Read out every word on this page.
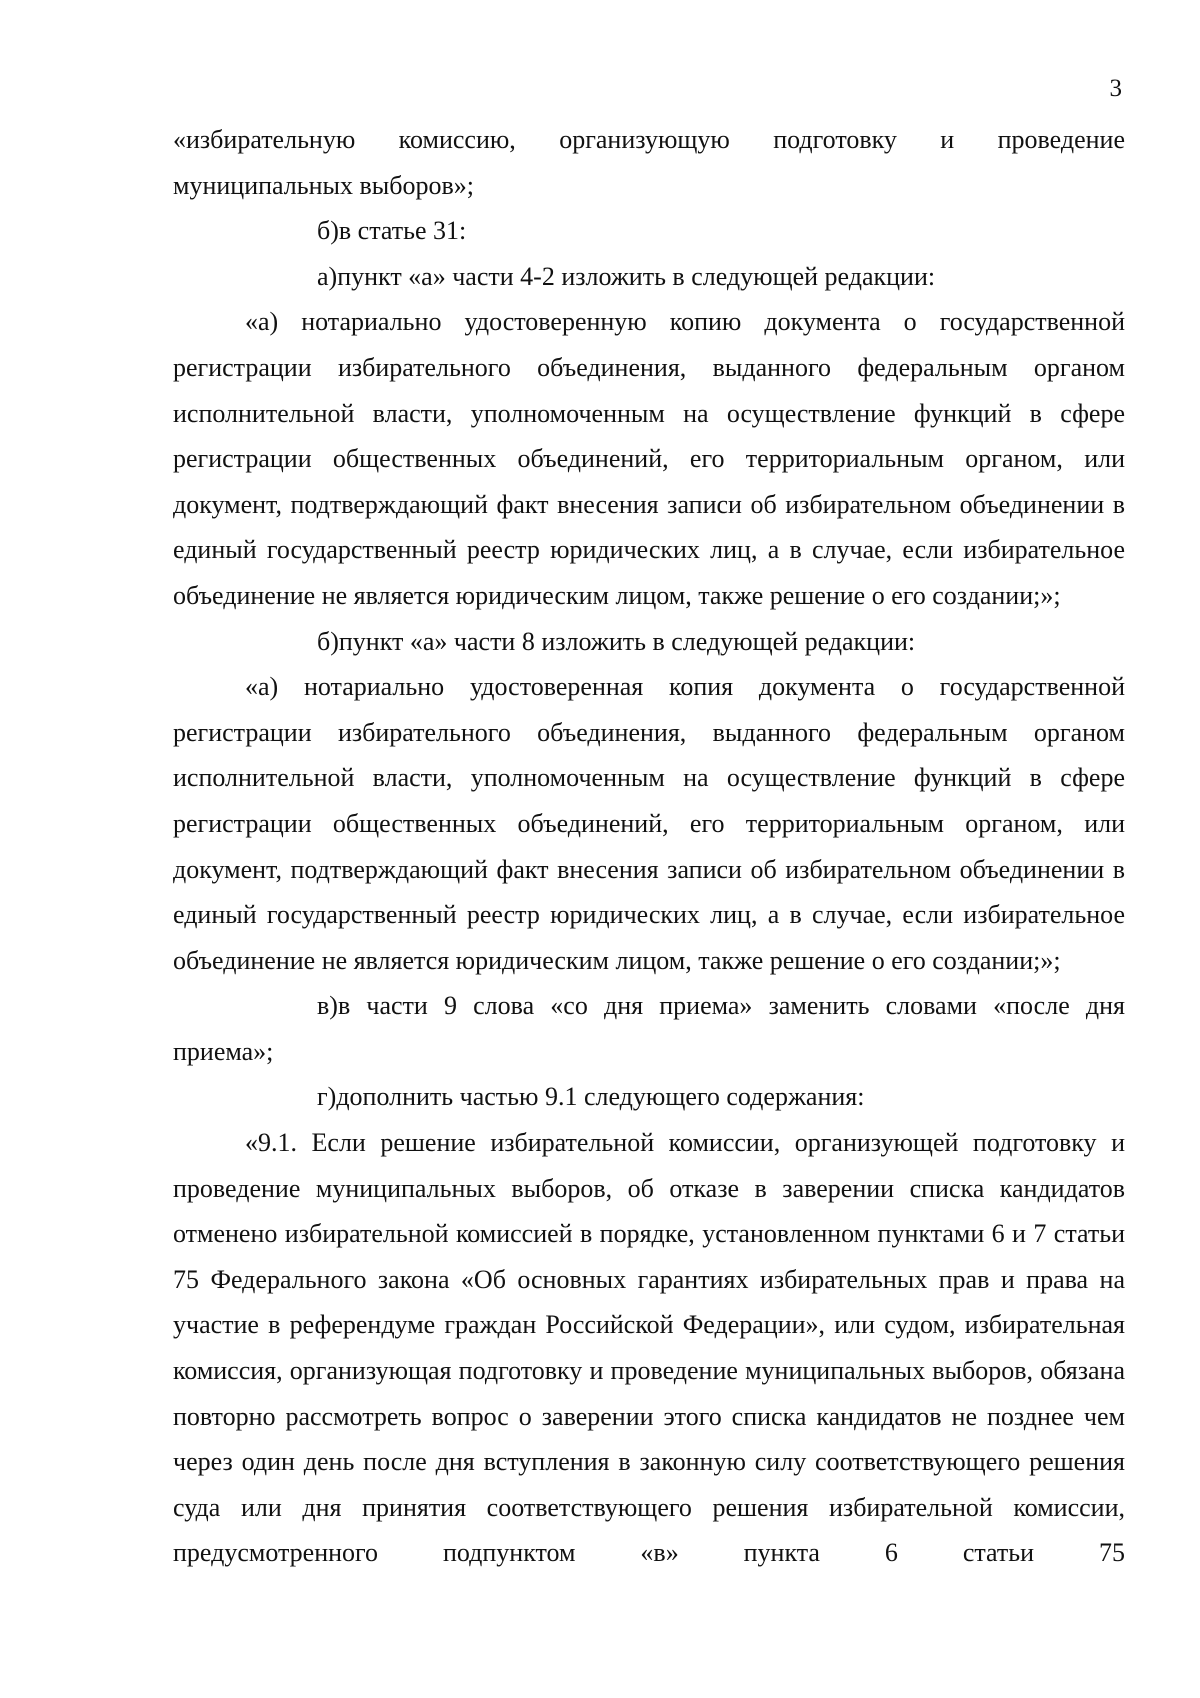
3

«избирательную комиссию, организующую подготовку и проведение муниципальных выборов»;

б)в статье 31:

а)пункт «а» части 4-2 изложить в следующей редакции:

«а) нотариально удостоверенную копию документа о государственной регистрации избирательного объединения, выданного федеральным органом исполнительной власти, уполномоченным на осуществление функций в сфере регистрации общественных объединений, его территориальным органом, или документ, подтверждающий факт внесения записи об избирательном объединении в единый государственный реестр юридических лиц, а в случае, если избирательное объединение не является юридическим лицом, также решение о его создании;»;

б)пункт «а» части 8 изложить в следующей редакции:

«а) нотариально удостоверенная копия документа о государственной регистрации избирательного объединения, выданного федеральным органом исполнительной власти, уполномоченным на осуществление функций в сфере регистрации общественных объединений, его территориальным органом, или документ, подтверждающий факт внесения записи об избирательном объединении в единый государственный реестр юридических лиц, а в случае, если избирательное объединение не является юридическим лицом, также решение о его создании;»;

в)в части 9 слова «со дня приема» заменить словами «после дня приема»;

г)дополнить частью 9.1 следующего содержания:

«9.1. Если решение избирательной комиссии, организующей подготовку и проведение муниципальных выборов, об отказе в заверении списка кандидатов отменено избирательной комиссией в порядке, установленном пунктами 6 и 7 статьи 75 Федерального закона «Об основных гарантиях избирательных прав и права на участие в референдуме граждан Российской Федерации», или судом, избирательная комиссия, организующая подготовку и проведение муниципальных выборов, обязана повторно рассмотреть вопрос о заверении этого списка кандидатов не позднее чем через один день после дня вступления в законную силу соответствующего решения суда или дня принятия соответствующего решения избирательной комиссии, предусмотренного подпунктом «в» пункта 6 статьи 75
